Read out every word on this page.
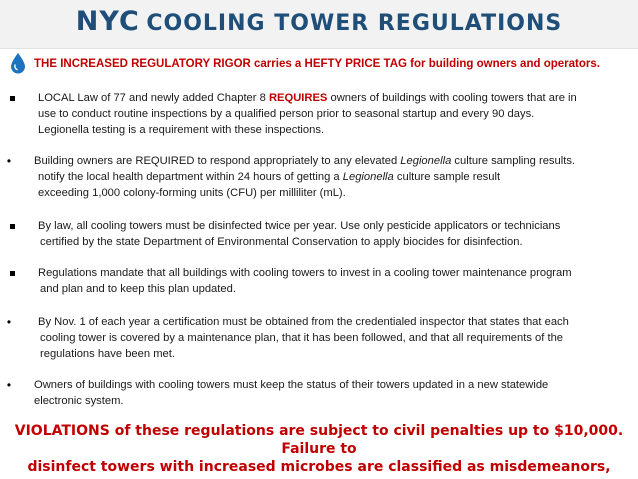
NYC COOLING TOWER REGULATIONS
THE INCREASED REGULATORY RIGOR carries a HEFTY PRICE TAG for building owners and operators.
LOCAL Law of 77 and newly added Chapter 8 REQUIRES owners of buildings with cooling towers that are in
use to conduct routine inspections by a qualified person prior to seasonal startup and every 90 days.
Legionella testing is a requirement with these inspections.
• Building owners are REQUIRED to respond appropriately to any elevated Legionella culture sampling results.
notify the local health department within 24 hours of getting a Legionella culture sample result
exceeding 1,000 colony-forming units (CFU) per milliliter (mL).
By law, all cooling towers must be disinfected twice per year. Use only pesticide applicators or technicians
certified by the state Department of Environmental Conservation to apply biocides for disinfection.
Regulations mandate that all buildings with cooling towers to invest in a cooling tower maintenance program
and plan and to keep this plan updated.
• By Nov. 1 of each year a certification must be obtained from the credentialed inspector that states that each
cooling tower is covered by a maintenance plan, that it has been followed, and that all requirements of the
regulations have been met.
• Owners of buildings with cooling towers must keep the status of their towers updated in a new statewide
electronic system.
VIOLATIONS of these regulations are subject to civil penalties up to $10,000.
Failure to
disinfect towers with increased microbes are classified as misdemeanors,
